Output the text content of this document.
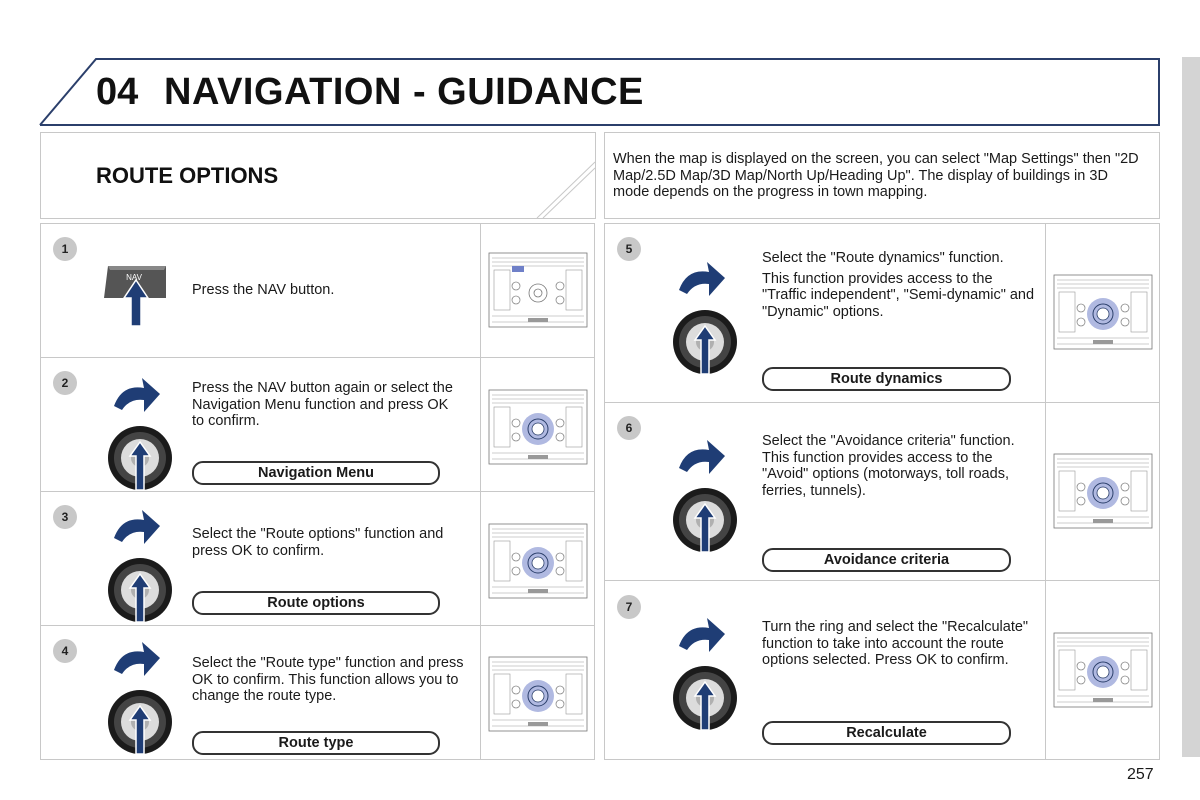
04 NAVIGATION - GUIDANCE
ROUTE OPTIONS
When the map is displayed on the screen, you can select "Map Settings" then "2D Map/2.5D Map/3D Map/North Up/Heading Up". The display of buildings in 3D mode depends on the progress in town mapping.
1
Press the NAV button.
2	Press the NAV button again or select the Navigation Menu function and press OK to confirm.
Navigation Menu
3
Select the "Route options" function and press OK to confirm.
Route options
4
Select the "Route type" function and press OK to confirm. This function allows you to change the route type.
Route type
5

Select the "Route dynamics" function.

This function provides access to the "Traffic independent", "Semi-dynamic" and "Dynamic" options.

Route dynamics
6
Select the "Avoidance criteria" function. This function provides access to the "Avoid" options (motorways, toll roads, ferries, tunnels).
Avoidance criteria
7
Turn the ring and select the "Recalculate" function to take into account the route options selected. Press OK to confirm.
Recalculate
257
